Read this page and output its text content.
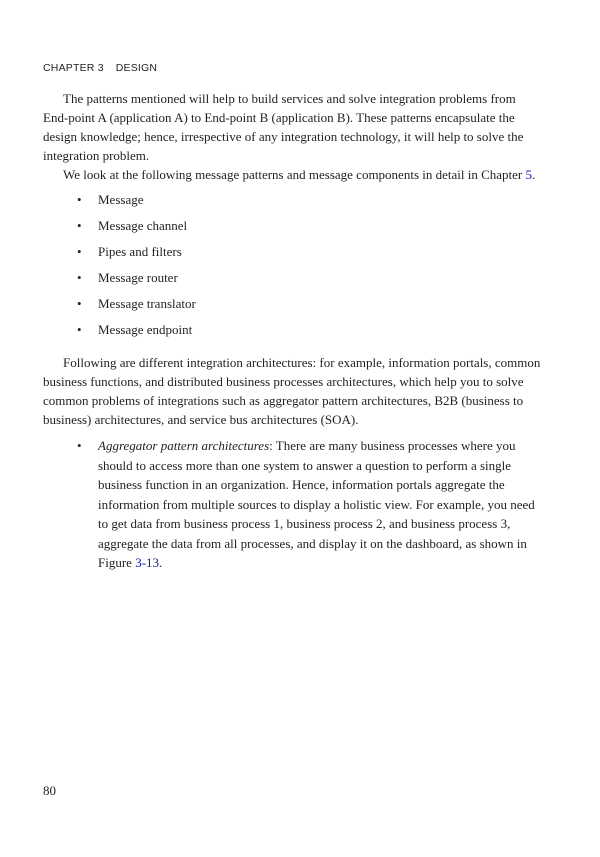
CHAPTER 3 DESIGN

The patterns mentioned will help to build services and solve integration problems from End-point A (application A) to End-point B (application B). These patterns encapsulate the design knowledge; hence, irrespective of any integration technology, it will help to solve the integration problem.

We look at the following message patterns and message components in detail in Chapter 5.

• Message
• Message channel
• Pipes and filters
• Message router
• Message translator
• Message endpoint

Following are different integration architectures: for example, information portals, common business functions, and distributed business processes architectures, which help you to solve common problems of integrations such as aggregator pattern architectures, B2B (business to business) architectures, and service bus architectures (SOA).

• Aggregator pattern architectures: There are many business processes where you should to access more than one system to answer a question to perform a single business function in an organization. Hence, information portals aggregate the information from multiple sources to display a holistic view. For example, you need to get data from business process 1, business process 2, and business process 3, aggregate the data from all processes, and display it on the dashboard, as shown in Figure 3-13.
80
